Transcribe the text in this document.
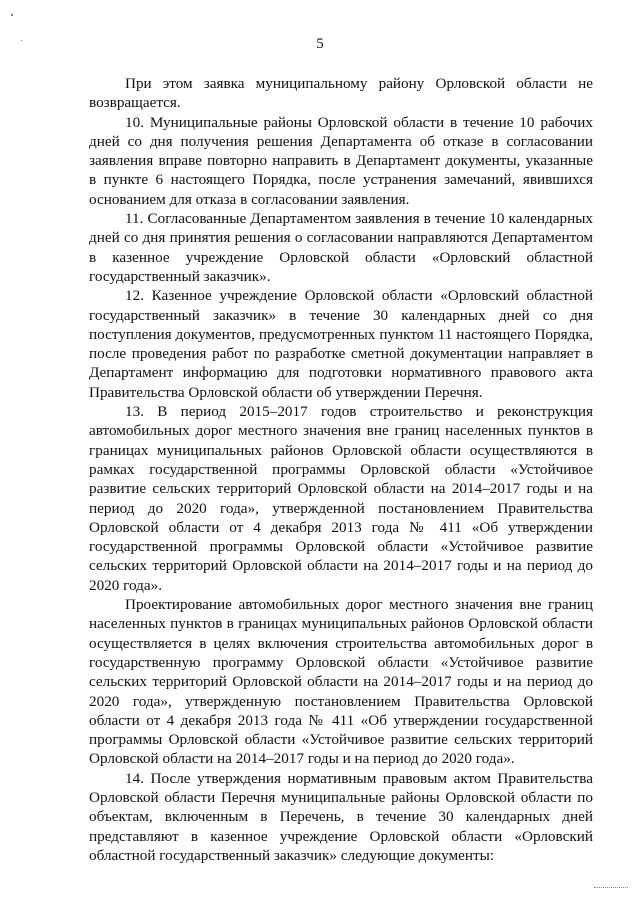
5

При этом заявка муниципальному району Орловской области не возвращается.

10. Муниципальные районы Орловской области в течение 10 рабочих дней со дня получения решения Департамента об отказе в согласовании заявления вправе повторно направить в Департамент документы, указанные в пункте 6 настоящего Порядка, после устранения замечаний, явившихся основанием для отказа в согласовании заявления.

11. Согласованные Департаментом заявления в течение 10 календарных дней со дня принятия решения о согласовании направляются Департаментом в казенное учреждение Орловской области «Орловский областной государственный заказчик».

12. Казенное учреждение Орловской области «Орловский областной государственный заказчик» в течение 30 календарных дней со дня поступления документов, предусмотренных пунктом 11 настоящего Порядка, после проведения работ по разработке сметной документации направляет в Департамент информацию для подготовки нормативного правового акта Правительства Орловской области об утверждении Перечня.

13. В период 2015–2017 годов строительство и реконструкция автомобильных дорог местного значения вне границ населенных пунктов в границах муниципальных районов Орловской области осуществляются в рамках государственной программы Орловской области «Устойчивое развитие сельских территорий Орловской области на 2014–2017 годы и на период до 2020 года», утвержденной постановлением Правительства Орловской области от 4 декабря 2013 года № 411 «Об утверждении государственной программы Орловской области «Устойчивое развитие сельских территорий Орловской области на 2014–2017 годы и на период до 2020 года».

Проектирование автомобильных дорог местного значения вне границ населенных пунктов в границах муниципальных районов Орловской области осуществляется в целях включения строительства автомобильных дорог в государственную программу Орловской области «Устойчивое развитие сельских территорий Орловской области на 2014–2017 годы и на период до 2020 года», утвержденную постановлением Правительства Орловской области от 4 декабря 2013 года № 411 «Об утверждении государственной программы Орловской области «Устойчивое развитие сельских территорий Орловской области на 2014–2017 годы и на период до 2020 года».

14. После утверждения нормативным правовым актом Правительства Орловской области Перечня муниципальные районы Орловской области по объектам, включенным в Перечень, в течение 30 календарных дней представляют в казенное учреждение Орловской области «Орловский областной государственный заказчик» следующие документы:
